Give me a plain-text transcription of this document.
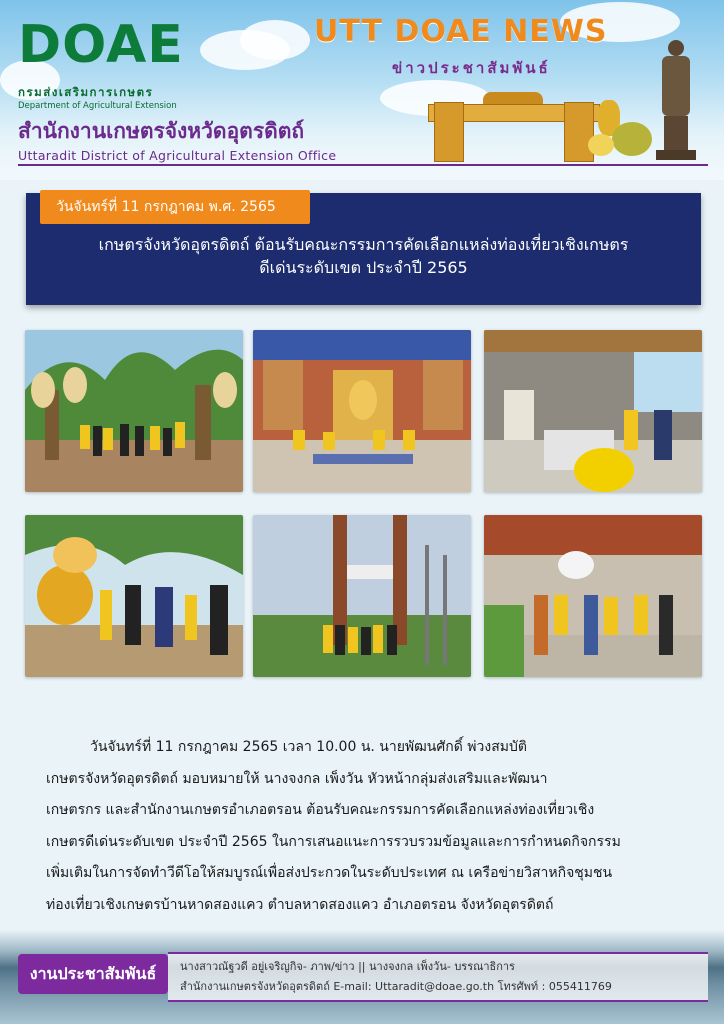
DOAE
กรมส่งเสริมการเกษตร
Department of Agricultural Extension
UTT DOAE NEWS
ข่าวประชาสัมพันธ์
สำนักงานเกษตรจังหวัดอุตรดิตถ์
Uttaradit District of Agricultural Extension Office
วันจันทร์ที่ 11 กรกฎาคม พ.ศ. 2565
เกษตรจังหวัดอุตรดิตถ์ ต้อนรับคณะกรรมการคัดเลือกแหล่งท่องเที่ยวเชิงเกษตร
ดีเด่นระดับเขต ประจำปี 2565
วันจันทร์ที่ 11 กรกฎาคม 2565 เวลา 10.00 น. นายพัฒนศักดิ์ พ่วงสมบัติ
เกษตรจังหวัดอุตรดิตถ์ มอบหมายให้ นางจงกล เพ็งวัน หัวหน้ากลุ่มส่งเสริมและพัฒนา
เกษตรกร และสำนักงานเกษตรอำเภอตรอน ต้อนรับคณะกรรมการคัดเลือกแหล่งท่องเที่ยวเชิง
เกษตรดีเด่นระดับเขต ประจำปี 2565 ในการเสนอแนะการรวบรวมข้อมูลและการกำหนดกิจกรรม
เพิ่มเติมในการจัดทำวีดีโอให้สมบูรณ์เพื่อส่งประกวดในระดับประเทศ ณ เครือข่ายวิสาหกิจชุมชน
ท่องเที่ยวเชิงเกษตรบ้านหาดสองแคว ตำบลหาดสองแคว อำเภอตรอน จังหวัดอุตรดิตถ์
งานประชาสัมพันธ์	นางสาวณัฐวดี อยู่เจริญกิจ- ภาพ/ข่าว || นางจงกล เพ็งวัน- บรรณาธิการ
สำนักงานเกษตรจังหวัดอุตรดิตถ์ E-mail: Uttaradit@doae.go.th โทรศัพท์ : 055411769
